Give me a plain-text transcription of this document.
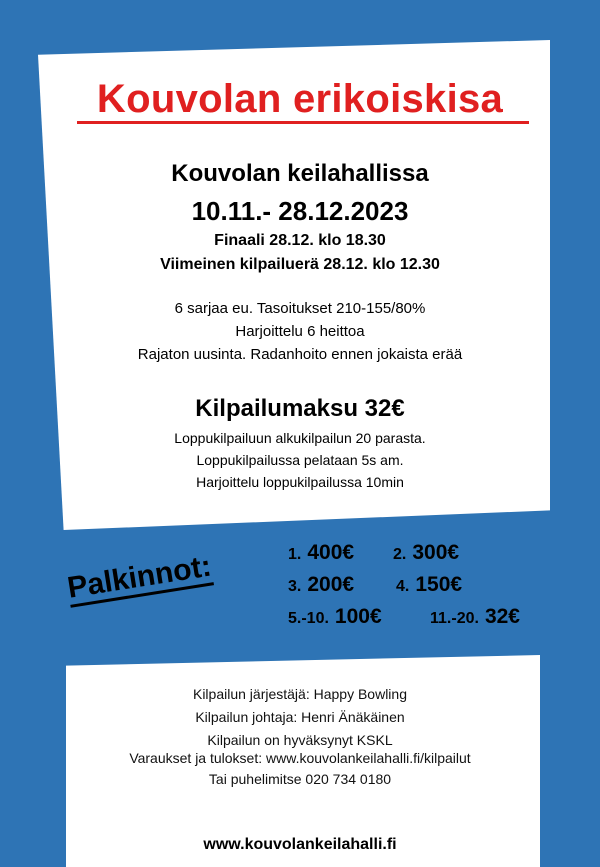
Kouvolan erikoiskisa
Kouvolan keilahallissa
10.11.- 28.12.2023
Finaali 28.12. klo 18.30
Viimeinen kilpailuerä 28.12. klo 12.30
6 sarjaa eu. Tasoitukset 210-155/80%
Harjoittelu 6 heittoa
Rajaton uusinta. Radanhoito ennen jokaista erää
Kilpailumaksu 32€
Loppukilpailuun alkukilpailun 20 parasta.
Loppukilpailussa pelataan 5s am.
Harjoittelu loppukilpailussa 10min
Palkinnot:	1. 400€ 2. 300€
3. 200€	4. 150€
5.-10. 100€	11.-20. 32€
Kilpailun järjestäjä: Happy Bowling
Kilpailun johtaja: Henri Änäkäinen
Kilpailun on hyväksynyt KSKL
Varaukset ja tulokset: www.kouvolankeilahalli.fi/kilpailut
Tai puhelimitse 020 734 0180
www.kouvolankeilahalli.fi
